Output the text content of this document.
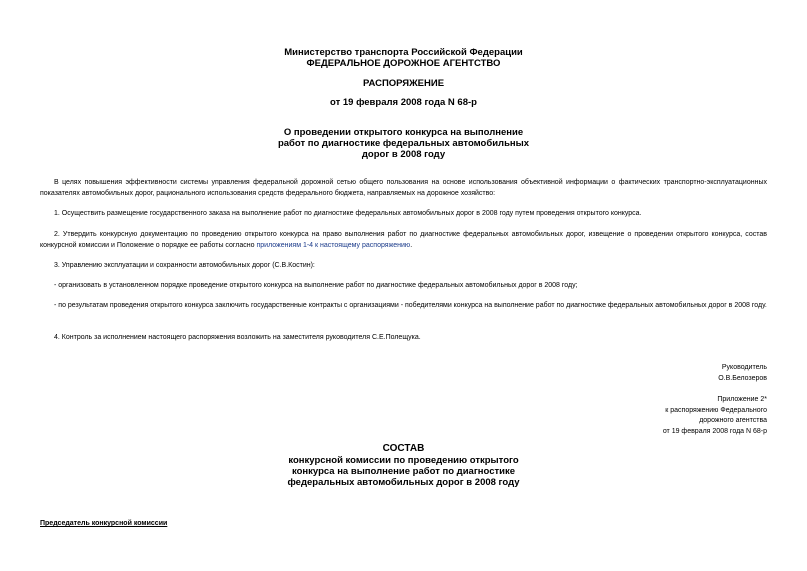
Министерство транспорта Российской Федерации
ФЕДЕРАЛЬНОЕ ДОРОЖНОЕ АГЕНТСТВО
РАСПОРЯЖЕНИЕ
от 19 февраля 2008 года N 68-р
О проведении открытого конкурса на выполнение
работ по диагностике федеральных автомобильных
дорог в 2008 году
В целях повышения эффективности системы управления федеральной дорожной сетью общего пользования на основе использования объективной информации о фактических транспортно-эксплуатационных показателях автомобильных дорог, рационального использования средств федерального бюджета, направляемых на дорожное хозяйство:
1. Осуществить размещение государственного заказа на выполнение работ по диагностике федеральных автомобильных дорог в 2008 году путем проведения открытого конкурса.
2. Утвердить конкурсную документацию по проведению открытого конкурса на право выполнения работ по диагностике федеральных автомобильных дорог, извещение о проведении открытого конкурса, состав конкурсной комиссии и Положение о порядке ее работы согласно приложениям 1-4 к настоящему распоряжению.
3. Управлению эксплуатации и сохранности автомобильных дорог (С.В.Костин):
- организовать в установленном порядке проведение открытого конкурса на выполнение работ по диагностике федеральных автомобильных дорог в 2008 году;
- по результатам проведения открытого конкурса заключить государственные контракты с организациями - победителями конкурса на выполнение работ по диагностике федеральных автомобильных дорог в 2008 году.
4. Контроль за исполнением настоящего распоряжения возложить на заместителя руководителя С.Е.Полещука.
Руководитель
О.В.Белозеров
Приложение 2*
к распоряжению Федерального
дорожного агентства
от 19 февраля 2008 года N 68-р
СОСТАВ
конкурсной комиссии по проведению открытого
конкурса на выполнение работ по диагностике
федеральных автомобильных дорог в 2008 году
Председатель конкурсной комиссии
